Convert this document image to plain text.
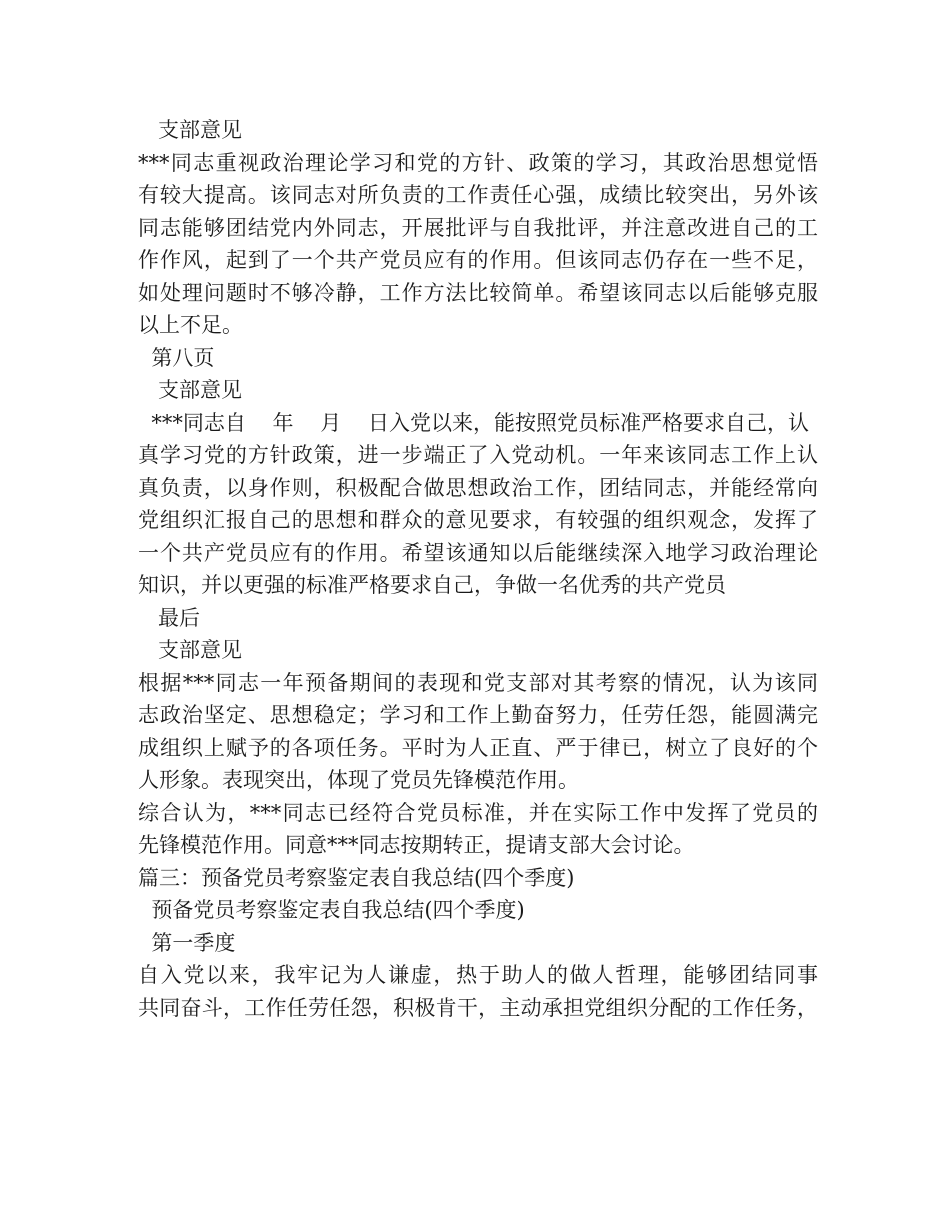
支部意见
***同志重视政治理论学习和党的方针、政策的学习，其政治思想觉悟
有较大提高。该同志对所负责的工作责任心强，成绩比较突出，另外该
同志能够团结党内外同志，开展批评与自我批评，并注意改进自己的工
作作风，起到了一个共产党员应有的作用。但该同志仍存在一些不足，
如处理问题时不够冷静，工作方法比较简单。希望该同志以后能够克服
以上不足。
第八页
支部意见
***同志自    年    月    日入党以来，能按照党员标准严格要求自己，认
真学习党的方针政策，进一步端正了入党动机。一年来该同志工作上认
真负责，以身作则，积极配合做思想政治工作，团结同志，并能经常向
党组织汇报自己的思想和群众的意见要求，有较强的组织观念，发挥了
一个共产党员应有的作用。希望该通知以后能继续深入地学习政治理论
知识，并以更强的标准严格要求自己，争做一名优秀的共产党员
最后
支部意见
根据***同志一年预备期间的表现和党支部对其考察的情况，认为该同
志政治坚定、思想稳定；学习和工作上勤奋努力，任劳任怨，能圆满完
成组织上赋予的各项任务。平时为人正直、严于律已，树立了良好的个
人形象。表现突出，体现了党员先锋模范作用。
综合认为，***同志已经符合党员标准，并在实际工作中发挥了党员的
先锋模范作用。同意***同志按期转正，提请支部大会讨论。
篇三：预备党员考察鉴定表自我总结(四个季度)
预备党员考察鉴定表自我总结(四个季度)
第一季度
自入党以来，我牢记为人谦虚，热于助人的做人哲理，能够团结同事
共同奋斗，工作任劳任怨，积极肯干，主动承担党组织分配的工作任务，
